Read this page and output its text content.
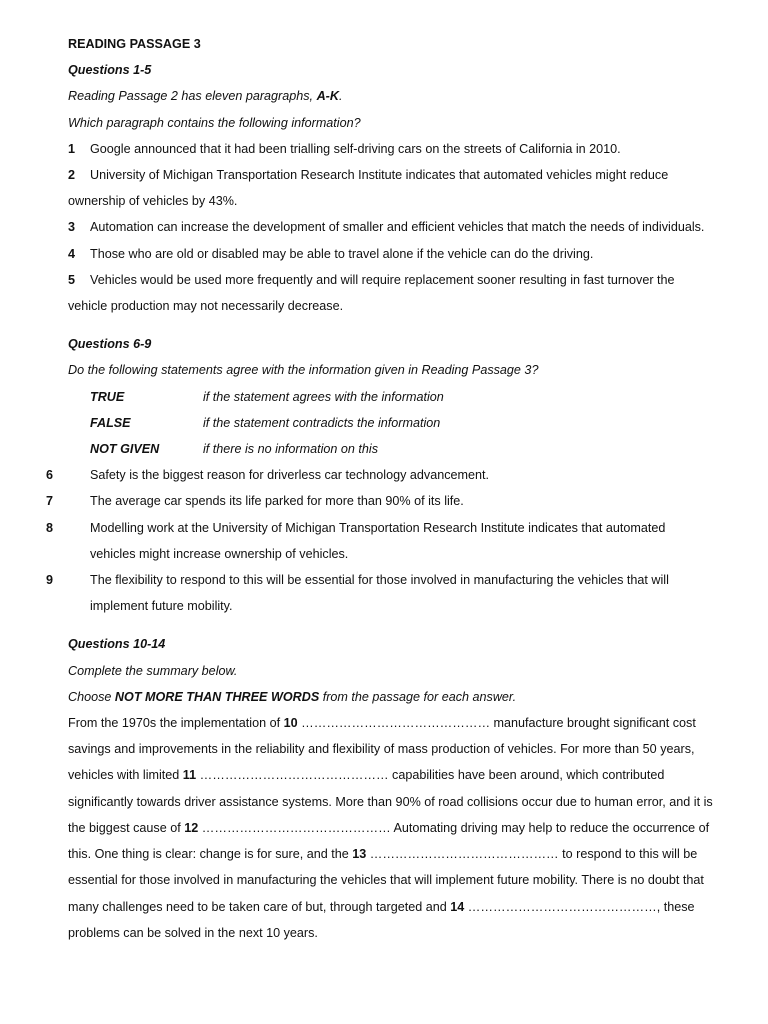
READING PASSAGE 3
Questions 1-5
Reading Passage 2 has eleven paragraphs, A-K.
Which paragraph contains the following information?
1 Google announced that it had been trialling self-driving cars on the streets of California in 2010.
2 University of Michigan Transportation Research Institute indicates that automated vehicles might reduce ownership of vehicles by 43%.
3 Automation can increase the development of smaller and efficient vehicles that match the needs of individuals.
4 Those who are old or disabled may be able to travel alone if the vehicle can do the driving.
5 Vehicles would be used more frequently and will require replacement sooner resulting in fast turnover the vehicle production may not necessarily decrease.
Questions 6-9
Do the following statements agree with the information given in Reading Passage 3?
TRUE	if the statement agrees with the information
FALSE	if the statement contradicts the information
NOT GIVEN	if there is no information on this
6	Safety is the biggest reason for driverless car technology advancement.
7	The average car spends its life parked for more than 90% of its life.
8	Modelling work at the University of Michigan Transportation Research Institute indicates that automated vehicles might increase ownership of vehicles.
9	The flexibility to respond to this will be essential for those involved in manufacturing the vehicles that will implement future mobility.
Questions 10-14
Complete the summary below.
Choose NOT MORE THAN THREE WORDS from the passage for each answer.
From the 1970s the implementation of 10 ……………………………………… manufacture brought significant cost savings and improvements in the reliability and flexibility of mass production of vehicles. For more than 50 years, vehicles with limited 11 ……………………………………… capabilities have been around, which contributed significantly towards driver assistance systems. More than 90% of road collisions occur due to human error, and it is the biggest cause of 12 ……………………………………… Automating driving may help to reduce the occurrence of this. One thing is clear: change is for sure, and the 13 ……………………………………… to respond to this will be essential for those involved in manufacturing the vehicles that will implement future mobility. There is no doubt that many challenges need to be taken care of but, through targeted and 14 ………………………………………, these problems can be solved in the next 10 years.
